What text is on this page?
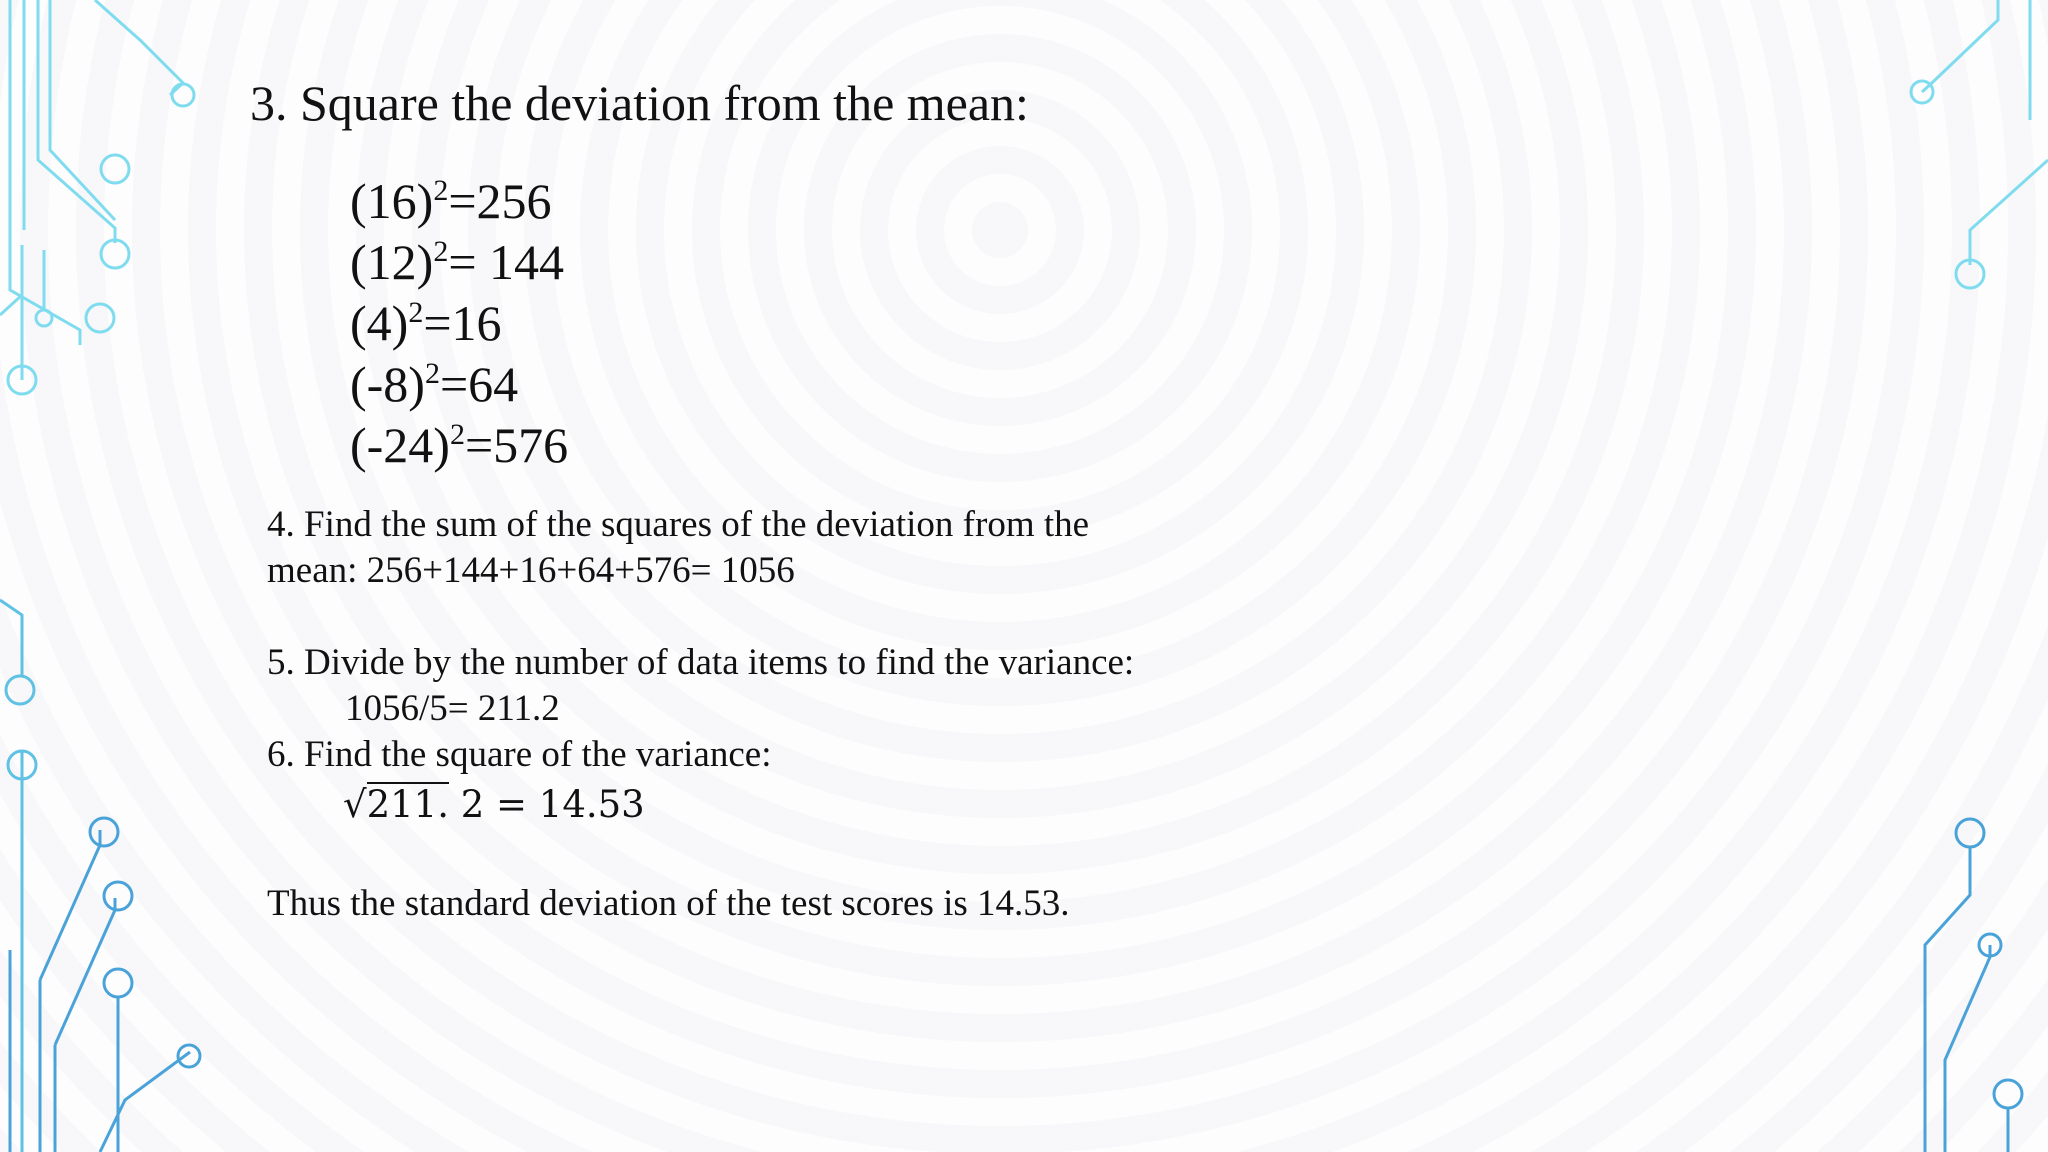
3. Square the deviation from the mean:

$(16)^2=256$

$(12)^2= 144$

$(4)^2=16$

$(-8)^2=64$

$(-24)^2=576$

4. Find the sum of the squares of the deviation from the

mean: 256+144+16+64+576= 1056

5. Divide by the number of data items to find the variance:

1056/5= 211.2

6. Find the square of the variance:

√211. 2 = 14.53

Thus the standard deviation of the test scores is 14.53.
